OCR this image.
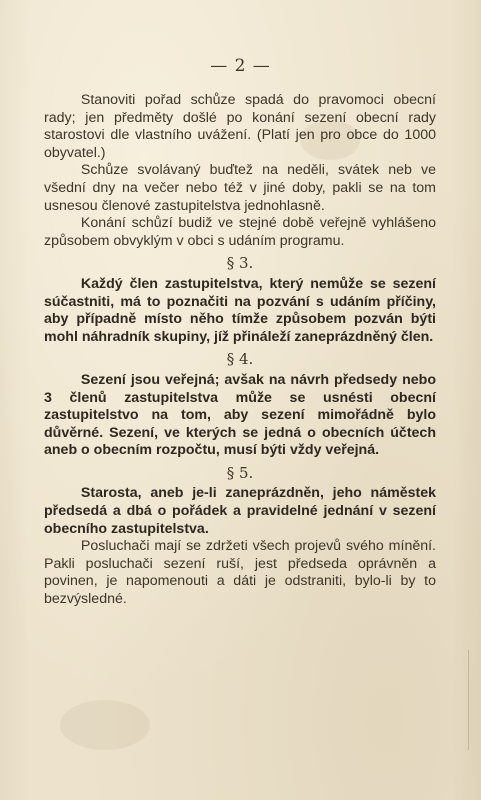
— 2 —

Stanoviti pořad schůze spadá do pravomoci obecní rady; jen předměty došlé po konání sezení obecní rady starostovi dle vlastního uvážení. (Platí jen pro obce do 1000 obyvatel.)

Schůze svolávaný buďtež na neděli, svátek neb ve všední dny na večer nebo též v jiné doby, pakli se na tom usnesou členové zastupitelstva jednohlasně.

Konání schůzí budiž ve stejné době veřejně vyhlášeno způsobem obvyklým v obci s udáním programu.

§ 3.

Každý člen zastupitelstva, který nemůže se sezení súčastniti, má to poznačiti na pozvání s udáním příčiny, aby případně místo něho tímže způsobem pozván býti mohl náhradník skupiny, jíž přináleží zaneprázdněný člen.

§ 4.

Sezení jsou veřejná; avšak na návrh předsedy nebo 3 členů zastupitelstva může se usnésti obecní zastupitelstvo na tom, aby sezení mimořádně bylo důvěrné. Sezení, ve kterých se jedná o obecních účtech aneb o obecním rozpočtu, musí býti vždy veřejná.

§ 5.

Starosta, aneb je-li zaneprázdněn, jeho náměstek předsedá a dbá o pořádek a pravidelné jednání v sezení obecního zastupitelstva.

Posluchači mají se zdržeti všech projevů svého mínění. Pakli posluchači sezení ruší, jest předseda oprávněn a povinen, je napomenouti a dáti je odstraniti, bylo-li by to bezvýsledné.
